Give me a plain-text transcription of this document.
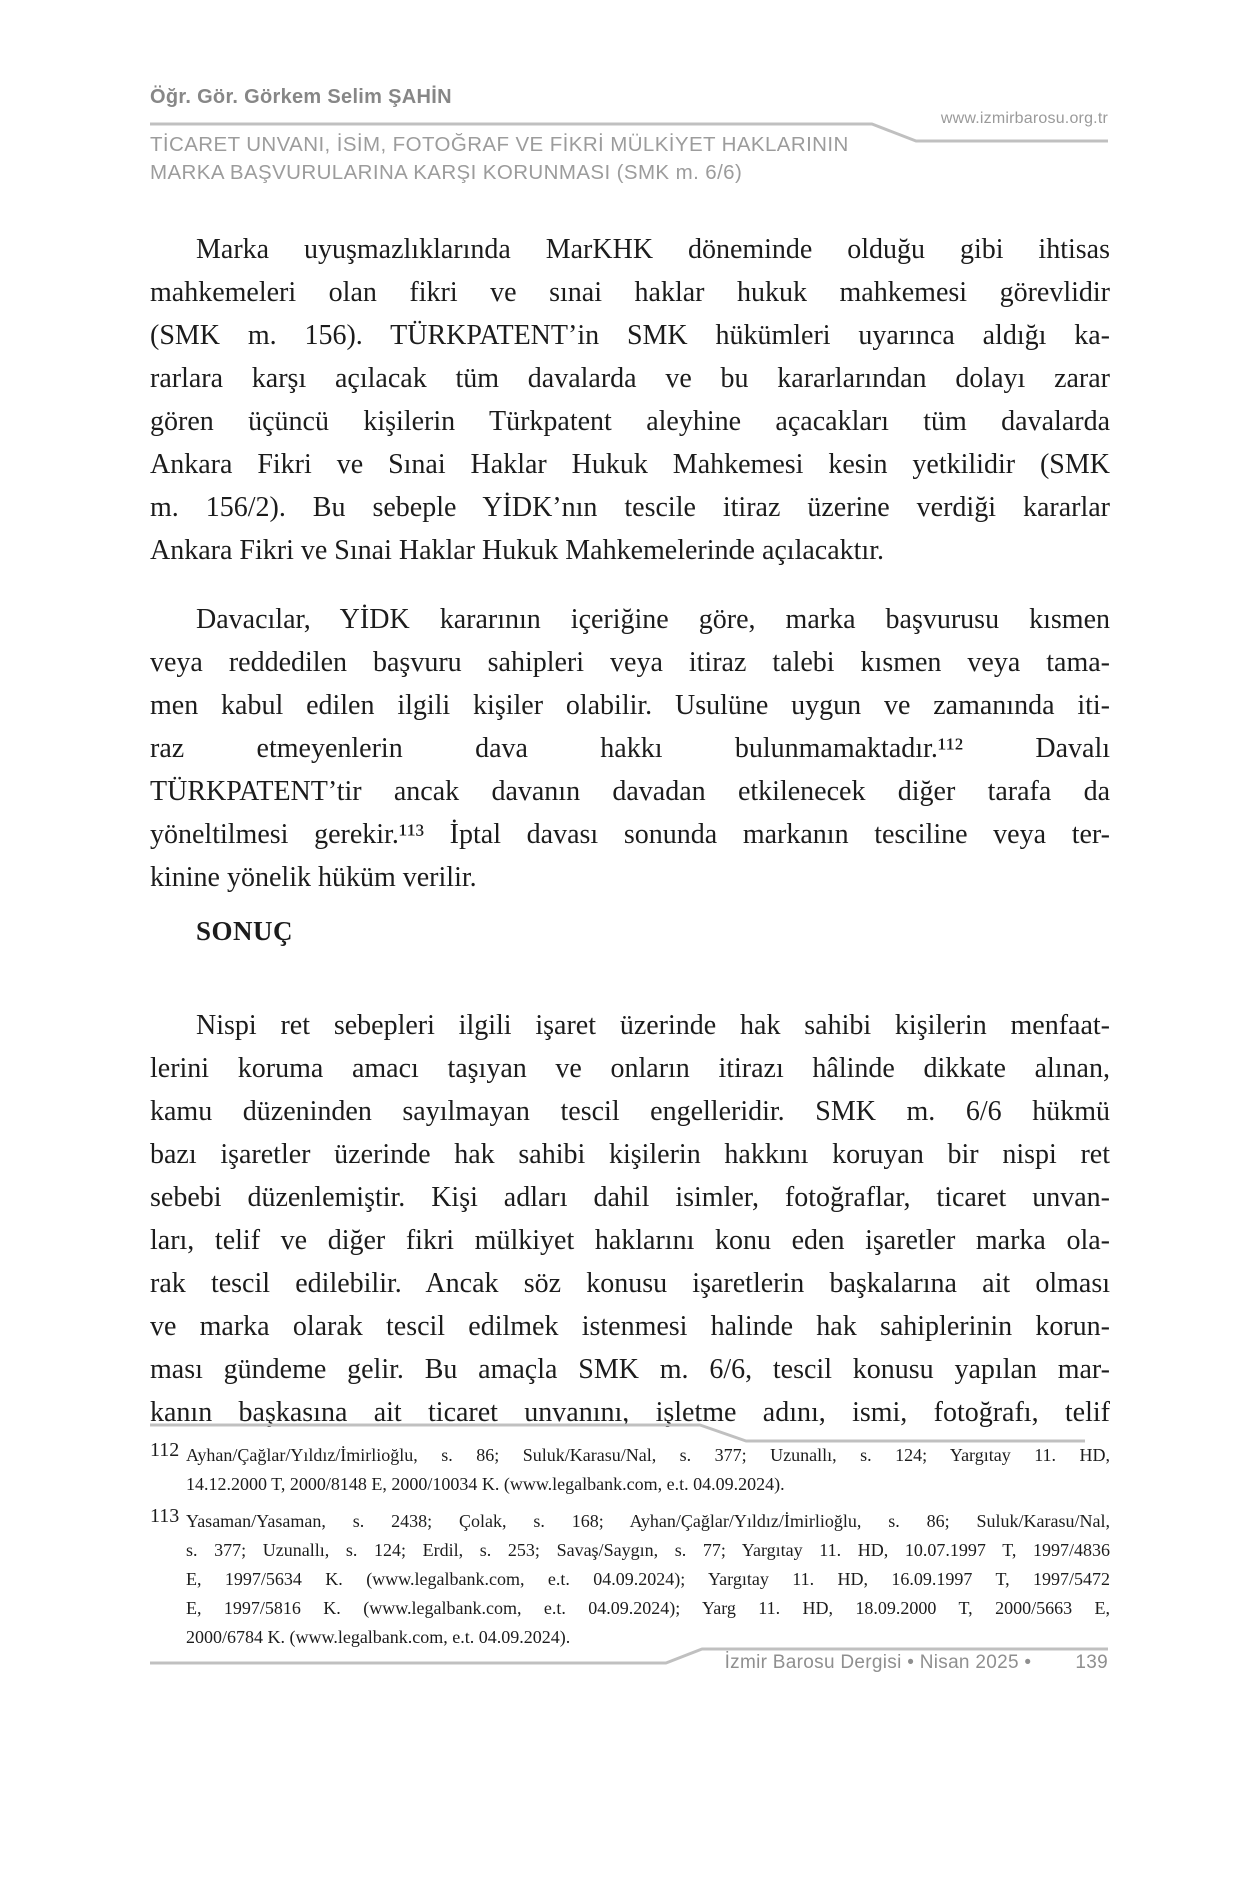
Öğr. Gör. Görkem Selim ŞAHİN
www.izmirbarosu.org.tr
TİCARET UNVANI, İSİM, FOTOĞRAF VE FİKRİ MÜLKİYET HAKLARININ
MARKA BAŞVURULARINA KARŞI KORUNMASI (SMK m. 6/6)
Marka uyuşmazlıklarında MarKHK döneminde olduğu gibi ihtisas
mahkemeleri olan fikri ve sınai haklar hukuk mahkemesi görevlidir
(SMK m. 156). TÜRKPATENT’in SMK hükümleri uyarınca aldığı ka-
rarlara karşı açılacak tüm davalarda ve bu kararlarından dolayı zarar
gören üçüncü kişilerin Türkpatent aleyhine açacakları tüm davalarda
Ankara Fikri ve Sınai Haklar Hukuk Mahkemesi kesin yetkilidir (SMK
m. 156/2). Bu sebeple YİDK’nın tescile itiraz üzerine verdiği kararlar
Ankara Fikri ve Sınai Haklar Hukuk Mahkemelerinde açılacaktır.
Davacılar, YİDK kararının içeriğine göre, marka başvurusu kısmen
veya reddedilen başvuru sahipleri veya itiraz talebi kısmen veya tama-
men kabul edilen ilgili kişiler olabilir. Usulüne uygun ve zamanında iti-
raz etmeyenlerin dava hakkı bulunmamaktadır.¹¹² Davalı
TÜRKPATENT’tir ancak davanın davadan etkilenecek diğer tarafa da
yöneltilmesi gerekir.¹¹³ İptal davası sonunda markanın tesciline veya ter-
kinine yönelik hüküm verilir.
SONUÇ
Nispi ret sebepleri ilgili işaret üzerinde hak sahibi kişilerin menfaat-
lerini koruma amacı taşıyan ve onların itirazı hâlinde dikkate alınan,
kamu düzeninden sayılmayan tescil engelleridir. SMK m. 6/6 hükmü
bazı işaretler üzerinde hak sahibi kişilerin hakkını koruyan bir nispi ret
sebebi düzenlemiştir. Kişi adları dahil isimler, fotoğraflar, ticaret unvan-
ları, telif ve diğer fikri mülkiyet haklarını konu eden işaretler marka ola-
rak tescil edilebilir. Ancak söz konusu işaretlerin başkalarına ait olması
ve marka olarak tescil edilmek istenmesi halinde hak sahiplerinin korun-
ması gündeme gelir. Bu amaçla SMK m. 6/6, tescil konusu yapılan mar-
kanın başkasına ait ticaret unvanını, işletme adını, ismi, fotoğrafı, telif
112 Ayhan/Çağlar/Yıldız/İmirlioğlu, s. 86; Suluk/Karasu/Nal, s. 377; Uzunallı, s. 124; Yargıtay 11. HD,
14.12.2000 T, 2000/8148 E, 2000/10034 K. (www.legalbank.com, e.t. 04.09.2024).
113 Yasaman/Yasaman, s. 2438; Çolak, s. 168; Ayhan/Çağlar/Yıldız/İmirlioğlu, s. 86; Suluk/Karasu/Nal,
s. 377; Uzunallı, s. 124; Erdil, s. 253; Savaş/Saygın, s. 77; Yargıtay 11. HD, 10.07.1997 T, 1997/4836
E, 1997/5634 K. (www.legalbank.com, e.t. 04.09.2024); Yargıtay 11. HD, 16.09.1997 T, 1997/5472
E, 1997/5816 K. (www.legalbank.com, e.t. 04.09.2024); Yarg 11. HD, 18.09.2000 T, 2000/5663 E,
2000/6784 K. (www.legalbank.com, e.t. 04.09.2024).
İzmir Barosu Dergisi • Nisan 2025 • 139
